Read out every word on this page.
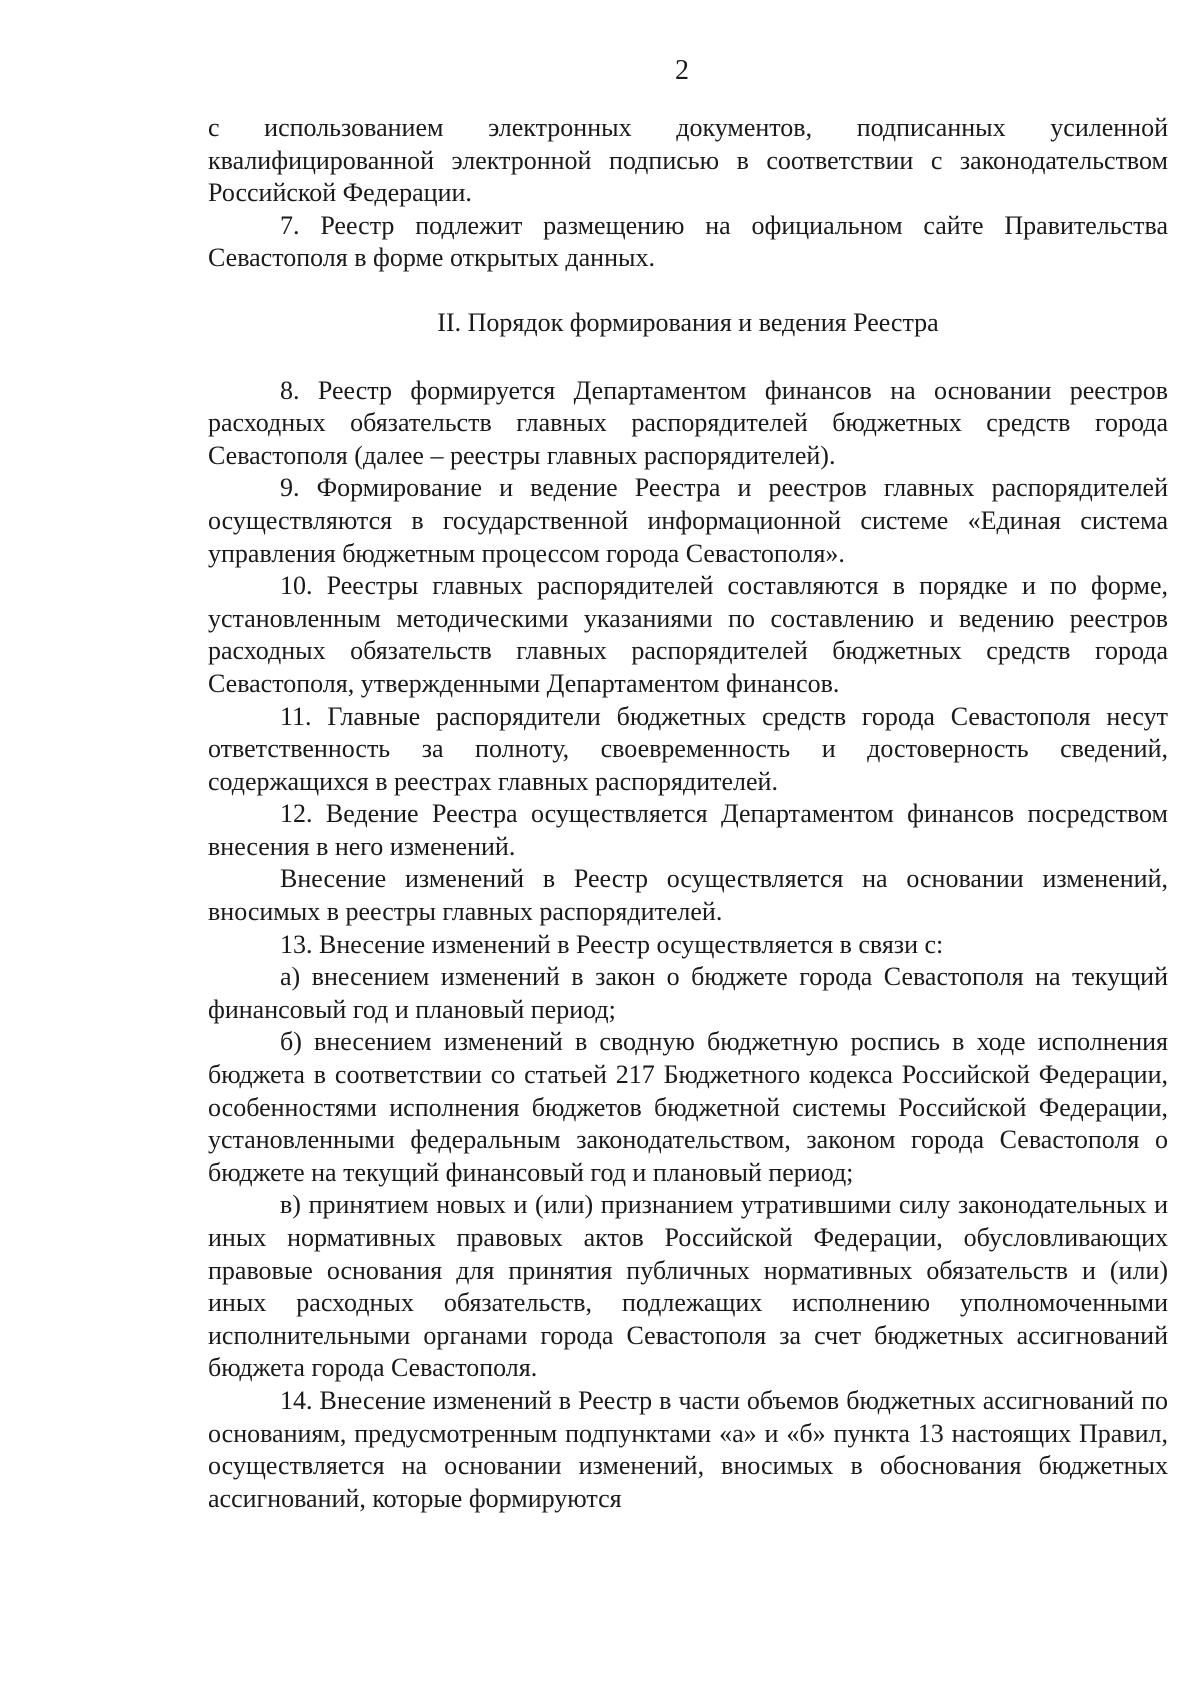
2

с использованием электронных документов, подписанных усиленной квалифицированной электронной подписью в соответствии с законодательством Российской Федерации.

7. Реестр подлежит размещению на официальном сайте Правительства Севастополя в форме открытых данных.

II. Порядок формирования и ведения Реестра

8. Реестр формируется Департаментом финансов на основании реестров расходных обязательств главных распорядителей бюджетных средств города Севастополя (далее – реестры главных распорядителей).

9. Формирование и ведение Реестра и реестров главных распорядителей осуществляются в государственной информационной системе «Единая система управления бюджетным процессом города Севастополя».

10. Реестры главных распорядителей составляются в порядке и по форме, установленным методическими указаниями по составлению и ведению реестров расходных обязательств главных распорядителей бюджетных средств города Севастополя, утвержденными Департаментом финансов.

11. Главные распорядители бюджетных средств города Севастополя несут ответственность за полноту, своевременность и достоверность сведений, содержащихся в реестрах главных распорядителей.

12. Ведение Реестра осуществляется Департаментом финансов посредством внесения в него изменений.

Внесение изменений в Реестр осуществляется на основании изменений, вносимых в реестры главных распорядителей.

13. Внесение изменений в Реестр осуществляется в связи с:

а) внесением изменений в закон о бюджете города Севастополя на текущий финансовый год и плановый период;

б) внесением изменений в сводную бюджетную роспись в ходе исполнения бюджета в соответствии со статьей 217 Бюджетного кодекса Российской Федерации, особенностями исполнения бюджетов бюджетной системы Российской Федерации, установленными федеральным законодательством, законом города Севастополя о бюджете на текущий финансовый год и плановый период;

в) принятием новых и (или) признанием утратившими силу законодательных и иных нормативных правовых актов Российской Федерации, обусловливающих правовые основания для принятия публичных нормативных обязательств и (или) иных расходных обязательств, подлежащих исполнению уполномоченными исполнительными органами города Севастополя за счет бюджетных ассигнований бюджета города Севастополя.

14. Внесение изменений в Реестр в части объемов бюджетных ассигнований по основаниям, предусмотренным подпунктами «а» и «б» пункта 13 настоящих Правил, осуществляется на основании изменений, вносимых в обоснования бюджетных ассигнований, которые формируются
